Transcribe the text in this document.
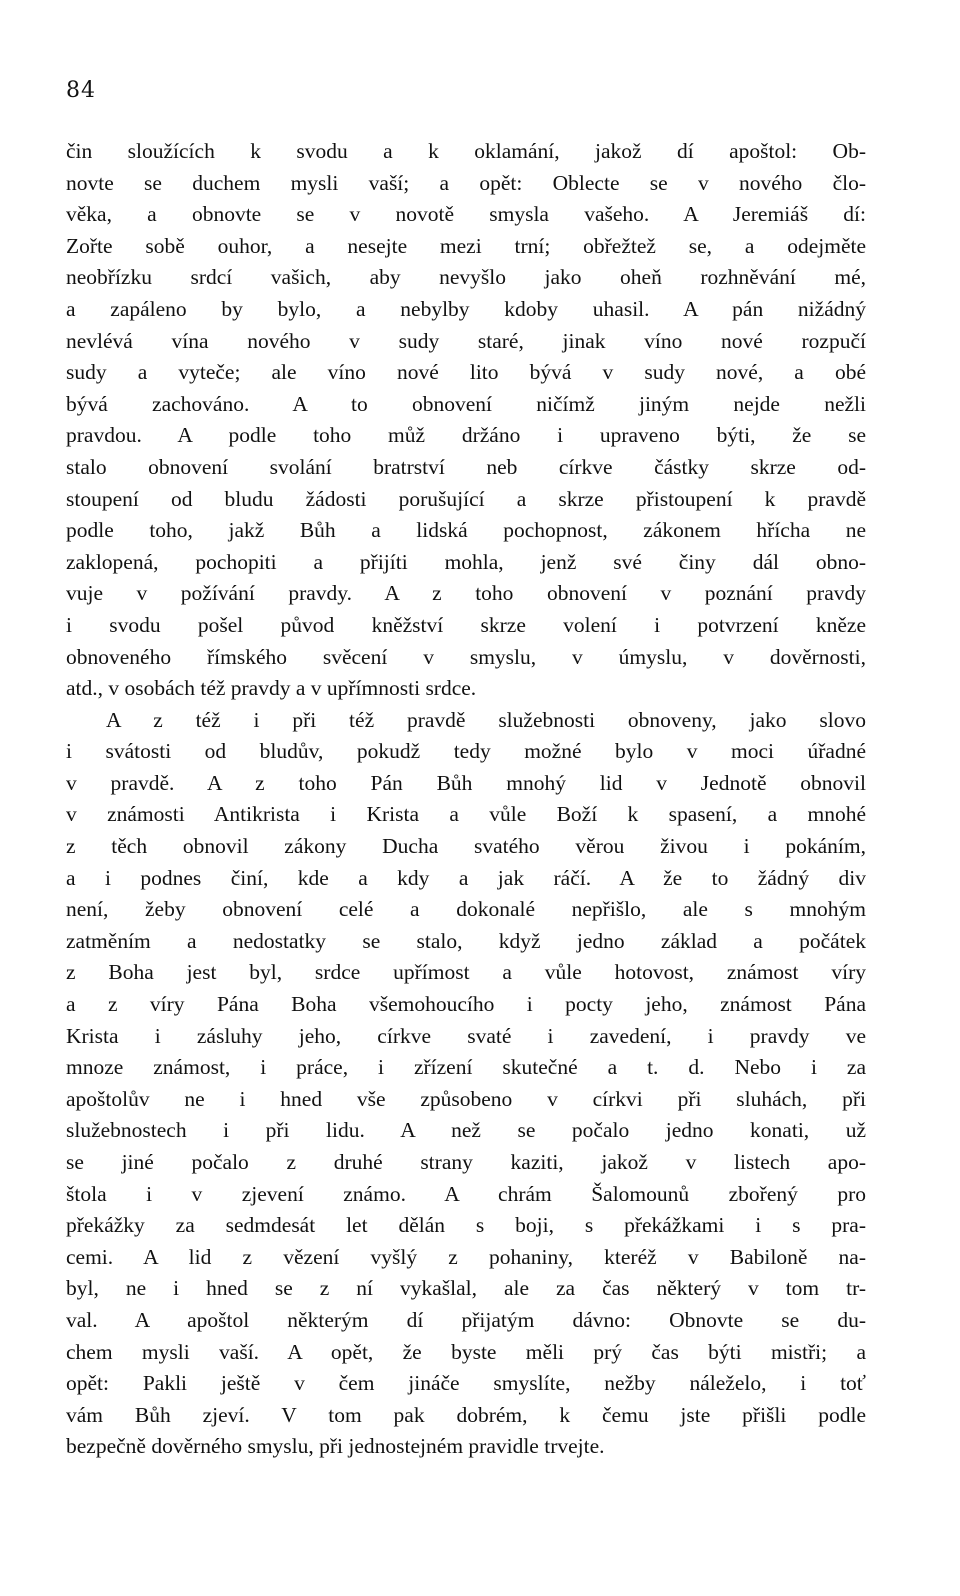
84
čin sloužících k svodu a k oklamání, jakož dí apoštol: Ob-
novte se duchem mysli vaší; a opět: Oblecte se v nového člo-
věka, a obnovte se v novotě smysla vašeho. A Jeremiáš dí:
Zořte sobě ouhor, a nesejte mezi trní; obřežtež se, a odejměte
neobřízku srdcí vašich, aby nevyšlo jako oheň rozhněvání mé,
a zapáleno by bylo, a nebylby kdoby uhasil. A pán nižádný
nevlévá vína nového v sudy staré, jinak víno nové rozpučí
sudy a vyteče; ale víno nové lito bývá v sudy nové, a obé
bývá zachováno. A to obnovení ničímž jiným nejde nežli
pravdou. A podle toho můž držáno i upraveno býti, že se
stalo obnovení svolání bratrství neb církve částky skrze od-
stoupení od bludu žádosti porušující a skrze přistoupení k pravdě
podle toho, jakž Bůh a lidská pochopnost, zákonem hřícha ne
zaklopená, pochopiti a přijíti mohla, jenž své činy dál obno-
vuje v požívání pravdy. A z toho obnovení v poznání pravdy
i svodu pošel původ kněžství skrze volení i potvrzení kněze
obnoveného římského svěcení v smyslu, v úmyslu, v dověrnosti,
atd., v osobách též pravdy a v upřímnosti srdce.
A z též i při též pravdě služebnosti obnoveny, jako slovo
i svátosti od bludův, pokudž tedy možné bylo v moci úřadné
v pravdě. A z toho Pán Bůh mnohý lid v Jednotě obnovil
v známosti Antikrista i Krista a vůle Boží k spasení, a mnohé
z těch obnovil zákony Ducha svatého věrou živou i pokáním,
a i podnes činí, kde a kdy a jak ráčí. A že to žádný div
není, žeby obnovení celé a dokonalé nepřišlo, ale s mnohým
zatměním a nedostatky se stalo, když jedno základ a počátek
z Boha jest byl, srdce upřímost a vůle hotovost, známost víry
a z víry Pána Boha všemohoucího i pocty jeho, známost Pána
Krista i zásluhy jeho, církve svaté i zavedení, i pravdy ve
mnoze známost, i práce, i zřízení skutečné a t. d. Nebo i za
apoštolův ne i hned vše způsobeno v církvi při sluhách, při
služebnostech i při lidu. A než se počalo jedno konati, už
se jiné počalo z druhé strany kaziti, jakož v listech apo-
štola i v zjevení známo. A chrám Šalomounů zbořený pro
překážky za sedmdesát let dělán s boji, s překážkami i s pra-
cemi. A lid z vězení vyšlý z pohaniny, kteréž v Babiloně na-
byl, ne i hned se z ní vykašlal, ale za čas některý v tom tr-
val. A apoštol některým dí přijatým dávno: Obnovte se du-
chem mysli vaší. A opět, že byste měli prý čas býti mistři; a
opět: Pakli ještě v čem jináče smyslíte, nežby náleželo, i toť
vám Bůh zjeví. V tom pak dobrém, k čemu jste přišli podle
bezpečně dověrného smyslu, při jednostejném pravidle trvejte.
